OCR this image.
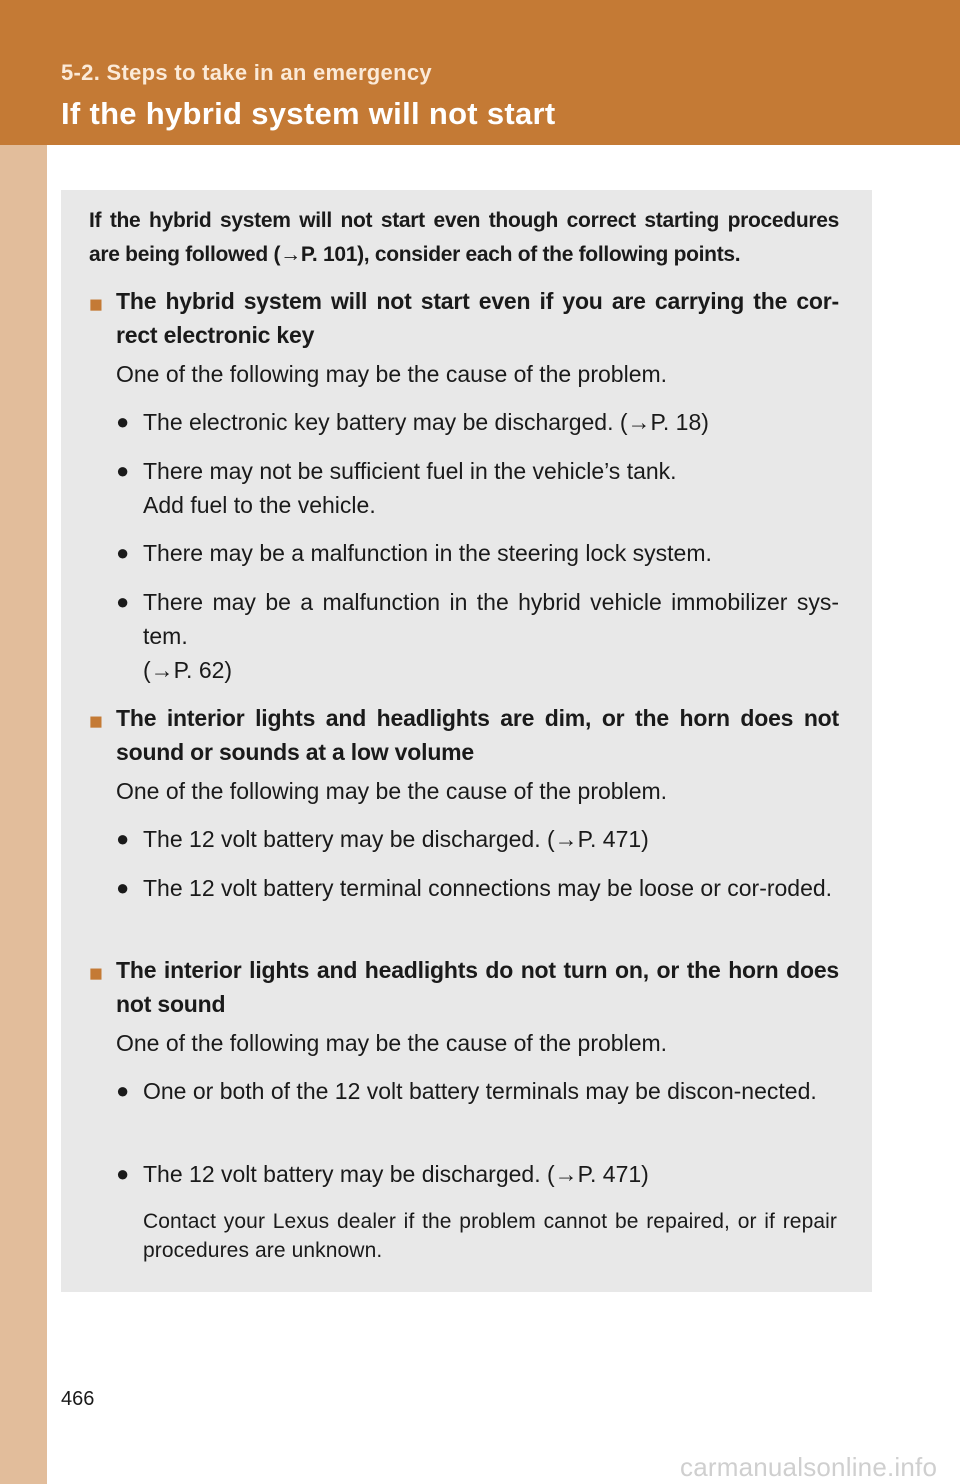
5-2. Steps to take in an emergency
If the hybrid system will not start
If the hybrid system will not start even though correct starting procedures are being followed (→P. 101), consider each of the following points.
■ The hybrid system will not start even if you are carrying the cor-rect electronic key
One of the following may be the cause of the problem.
● The electronic key battery may be discharged. (→P. 18)
● There may not be sufficient fuel in the vehicle’s tank.
Add fuel to the vehicle.
● There may be a malfunction in the steering lock system.
● There may be a malfunction in the hybrid vehicle immobilizer sys-tem.
(→P. 62)
■ The interior lights and headlights are dim, or the horn does not sound or sounds at a low volume
One of the following may be the cause of the problem.
● The 12 volt battery may be discharged. (→P. 471)
● The 12 volt battery terminal connections may be loose or cor-roded.
■ The interior lights and headlights do not turn on, or the horn does not sound
One of the following may be the cause of the problem.
● One or both of the 12 volt battery terminals may be discon-nected.
● The 12 volt battery may be discharged. (→P. 471)
Contact your Lexus dealer if the problem cannot be repaired, or if repair procedures are unknown.
466
carmanualsonline.info
